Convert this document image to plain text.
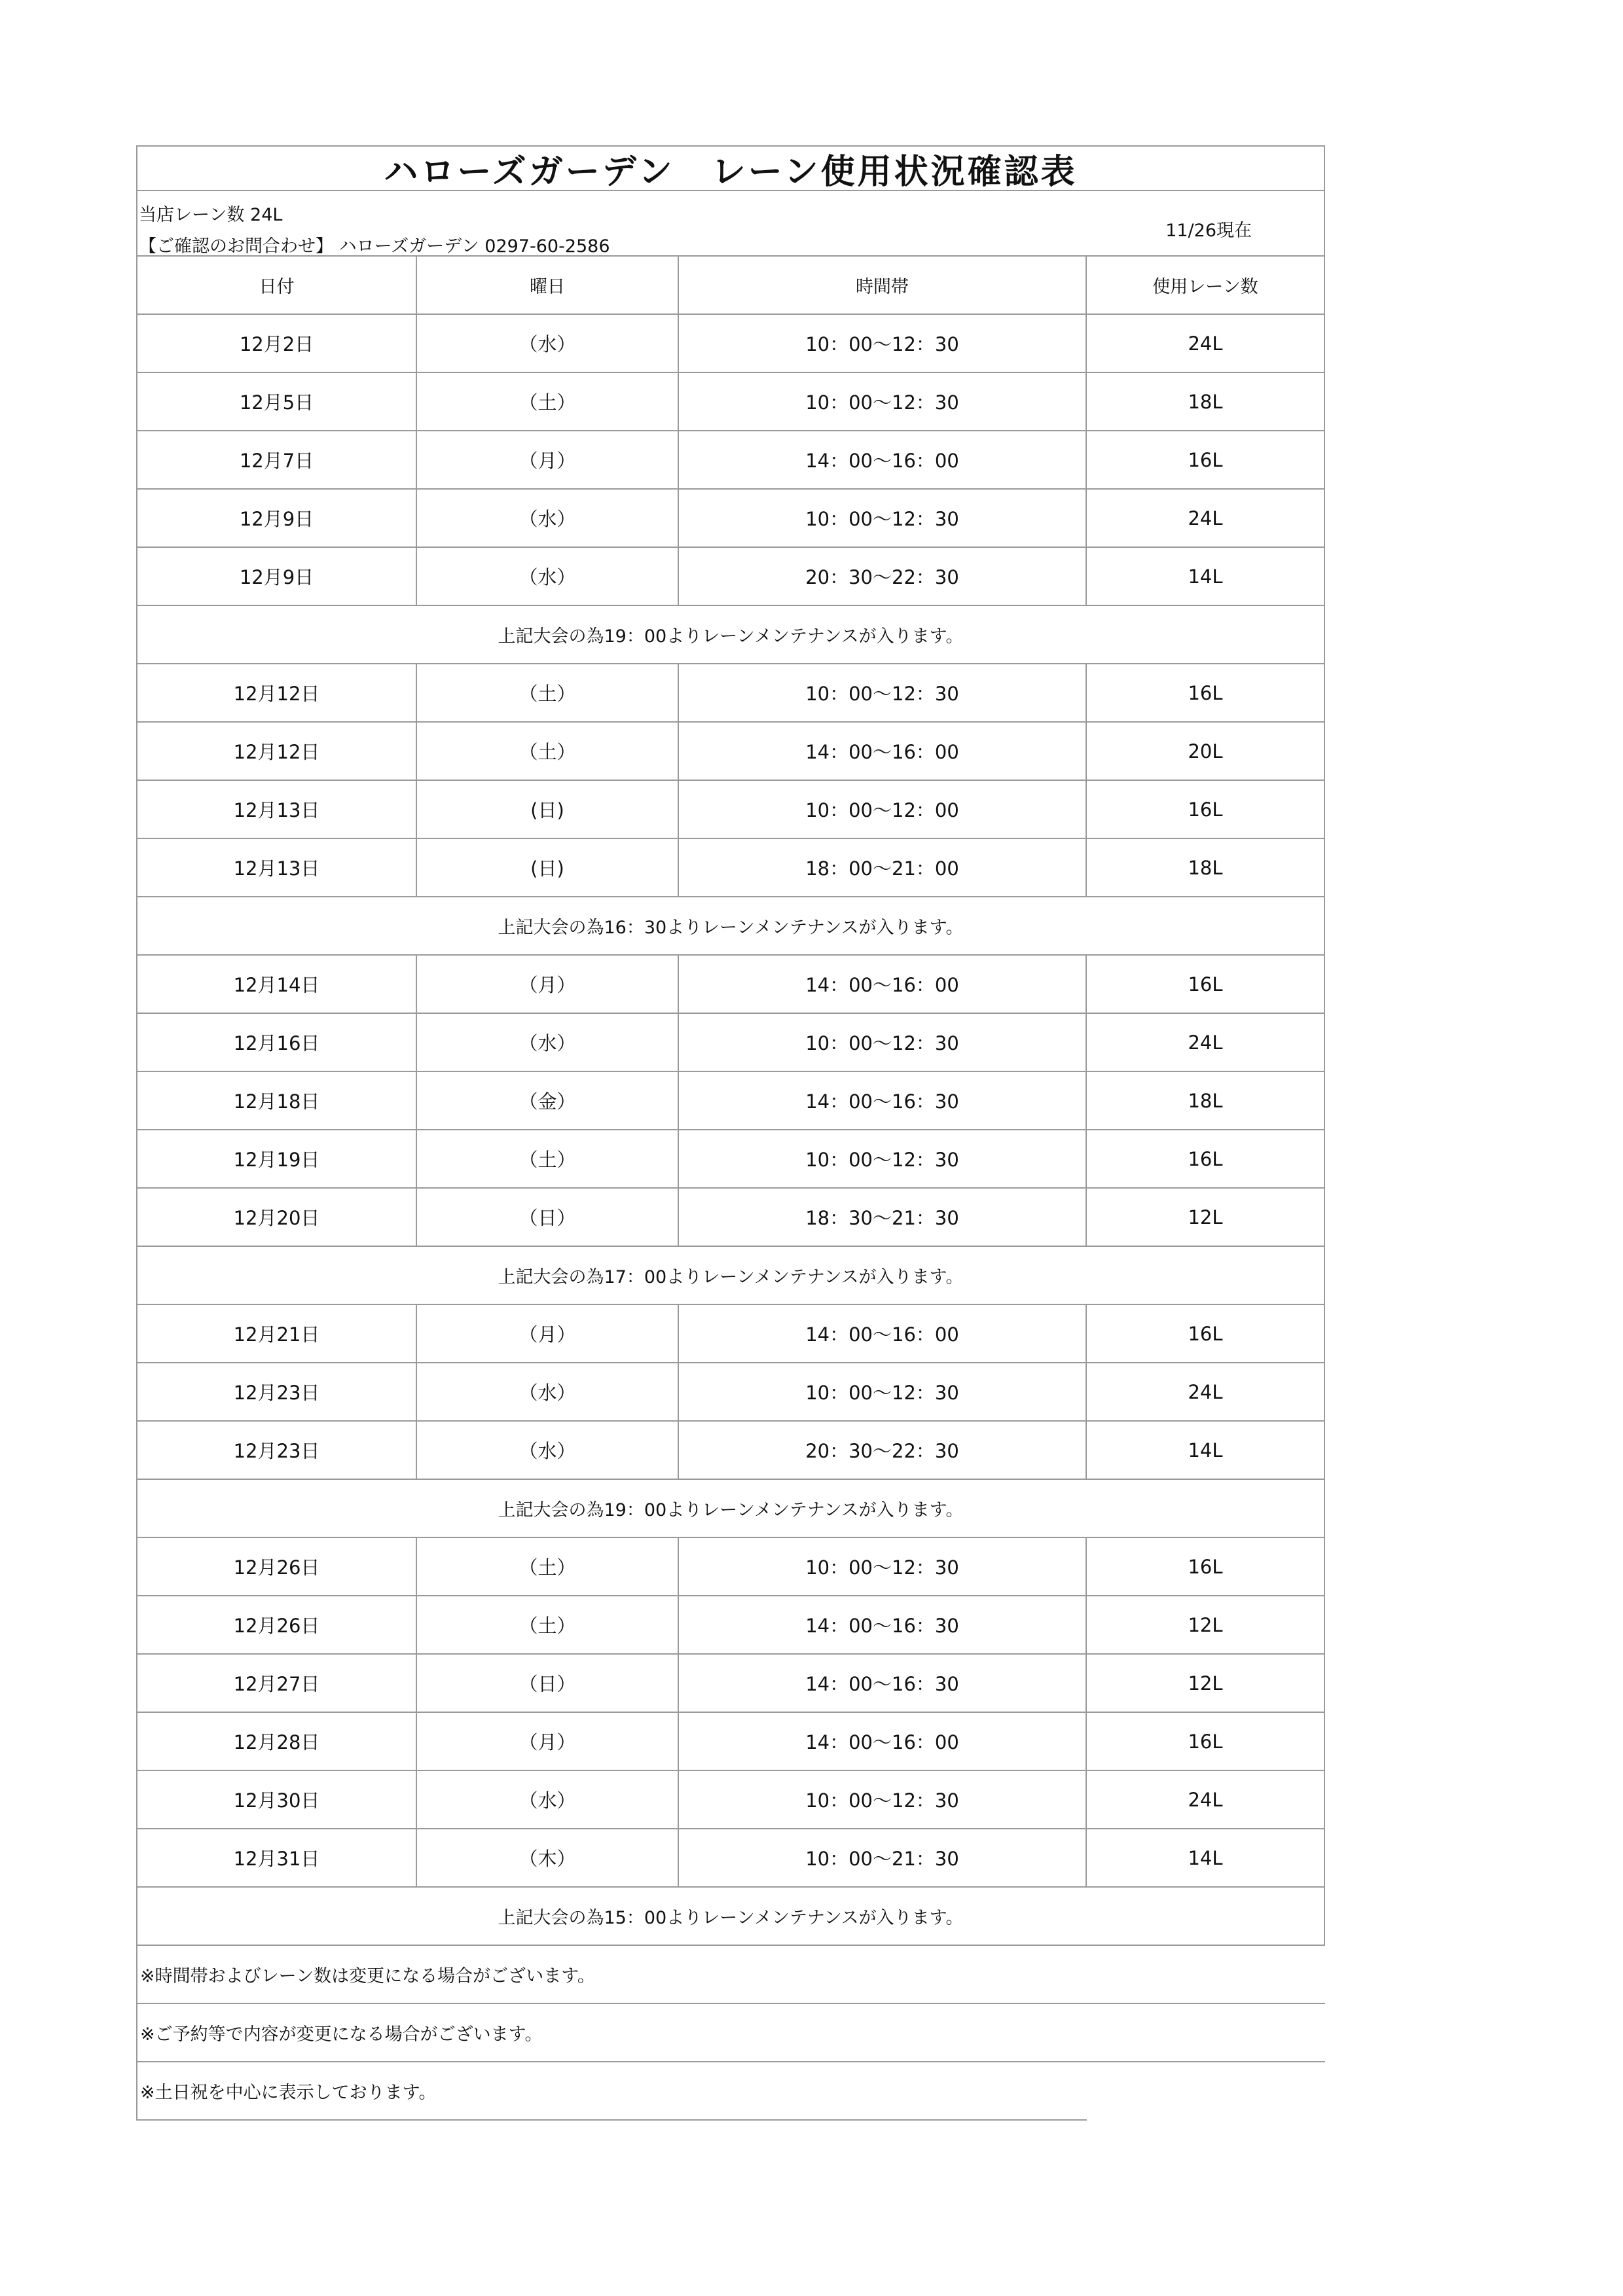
ハローズガーデン　レーン使用状況確認表
当店レーン数 24L
【ご確認のお問合わせ】 ハローズガーデン 0297-60-2586
11/26現在
日付	曜日	時間帯	使用レーン数
12月2日	（水）	10：00～12：30	24L
12月5日	（土）	10：00～12：30	18L
12月7日	（月）	14：00～16：00	16L
12月9日	（水）	10：00～12：30	24L
12月9日	（水）	20：30～22：30	14L
上記大会の為19：00よりレーンメンテナンスが入ります。
12月12日	（土）	10：00～12：30	16L
12月12日	（土）	14：00～16：00	20L
12月13日	(日)	10：00～12：00	16L
12月13日	(日)	18：00～21：00	18L
上記大会の為16：30よりレーンメンテナンスが入ります。
12月14日	（月）	14：00～16：00	16L
12月16日	（水）	10：00～12：30	24L
12月18日	（金）	14：00～16：30	18L
12月19日	（土）	10：00～12：30	16L
12月20日	（日）	18：30～21：30	12L
上記大会の為17：00よりレーンメンテナンスが入ります。
12月21日	（月）	14：00～16：00	16L
12月23日	（水）	10：00～12：30	24L
12月23日	（水）	20：30～22：30	14L
上記大会の為19：00よりレーンメンテナンスが入ります。
12月26日	（土）	10：00～12：30	16L
12月26日	（土）	14：00～16：30	12L
12月27日	（日）	14：00～16：30	12L
12月28日	（月）	14：00～16：00	16L
12月30日	（水）	10：00～12：30	24L
12月31日	（木）	10：00～21：30	14L
上記大会の為15：00よりレーンメンテナンスが入ります。
※時間帯およびレーン数は変更になる場合がございます。
※ご予約等で内容が変更になる場合がございます。
※土日祝を中心に表示しております。
